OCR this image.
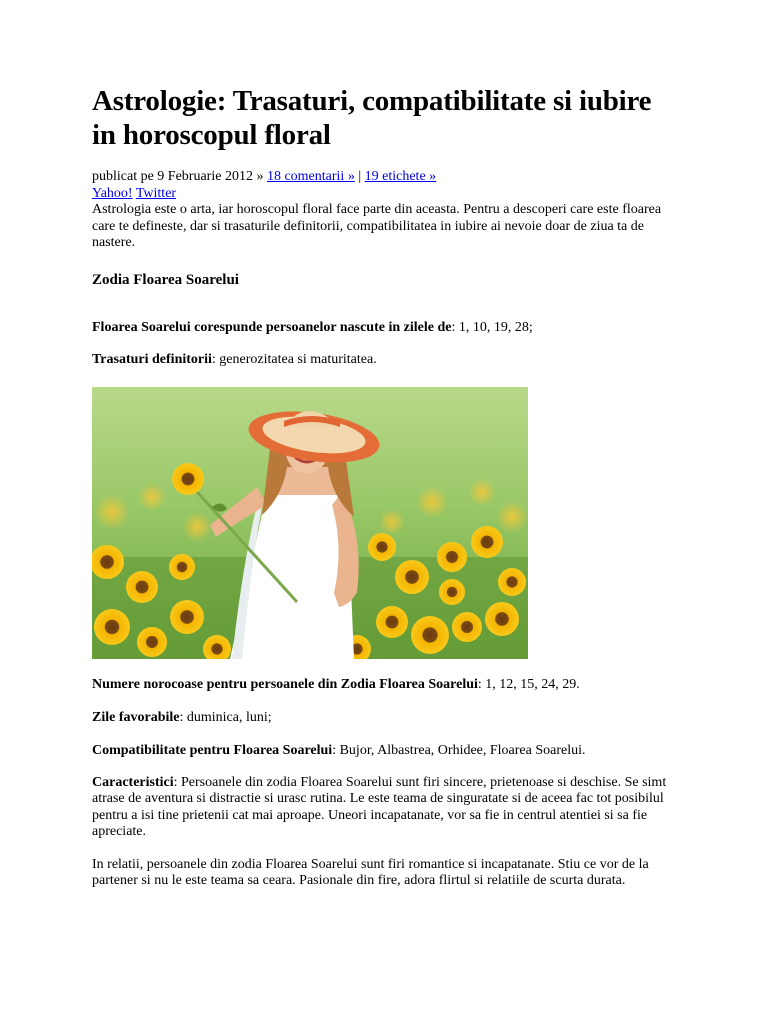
Astrologie: Trasaturi, compatibilitate si iubire in horoscopul floral
publicat pe 9 Februarie 2012 » 18 comentarii » | 19 etichete »
Yahoo! Twitter

Astrologia este o arta, iar horoscopul floral face parte din aceasta. Pentru a descoperi care este floarea care te defineste, dar si trasaturile definitorii, compatibilitatea in iubire ai nevoie doar de ziua ta de nastere.

Zodia Floarea Soarelui

Floarea Soarelui corespunde persoanelor nascute in zilele de: 1, 10, 19, 28;

Trasaturi definitorii: generozitatea si maturitatea.

Numere norocoase pentru persoanele din Zodia Floarea Soarelui: 1, 12, 15, 24, 29.

Zile favorabile: duminica, luni;

Compatibilitate pentru Floarea Soarelui: Bujor, Albastrea, Orhidee, Floarea Soarelui.

Caracteristici: Persoanele din zodia Floarea Soarelui sunt firi sincere, prietenoase si deschise. Se simt atrase de aventura si distractie si urasc rutina. Le este teama de singuratate si de aceea fac tot posibilul pentru a isi tine prietenii cat mai aproape. Uneori incapatanate, vor sa fie in centrul atentiei si sa fie apreciate.

In relatii, persoanele din zodia Floarea Soarelui sunt firi romantice si incapatanate. Stiu ce vor de la partener si nu le este teama sa ceara. Pasionale din fire, adora flirtul si relatiile de scurta durata.
